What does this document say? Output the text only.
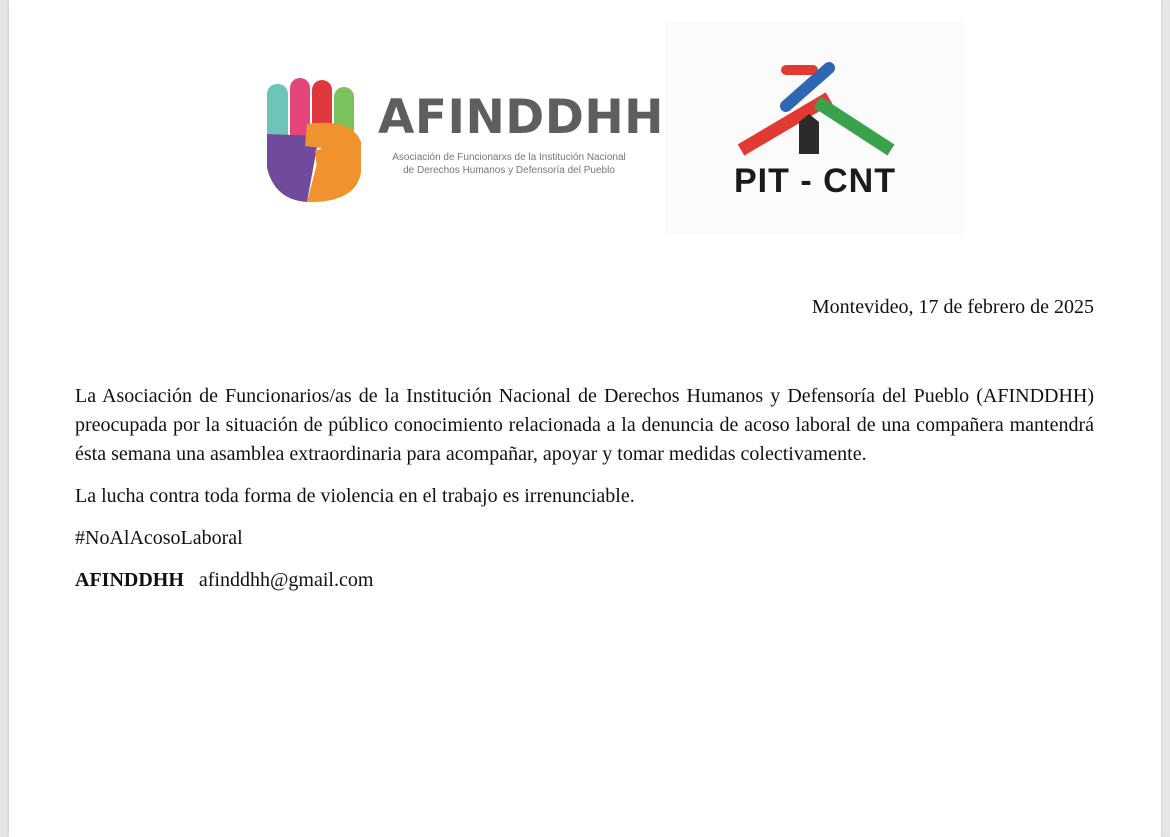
AFINDDHH
Asociación de Funcionarxs de la Institución Nacional
de Derechos Humanos y Defensoría del Pueblo	PIT - CNT
Montevideo, 17 de febrero de 2025

La Asociación de Funcionarios/as de la Institución Nacional de Derechos Humanos y Defensoría del Pueblo (AFINDDHH) preocupada por la situación de público conocimiento relacionada a la denuncia de acoso laboral de una compañera mantendrá ésta semana una asamblea extraordinaria para acompañar, apoyar y tomar medidas colectivamente.

La lucha contra toda forma de violencia en el trabajo es irrenunciable.

#NoAlAcosoLaboral

AFINDDHH afinddhh@gmail.com
